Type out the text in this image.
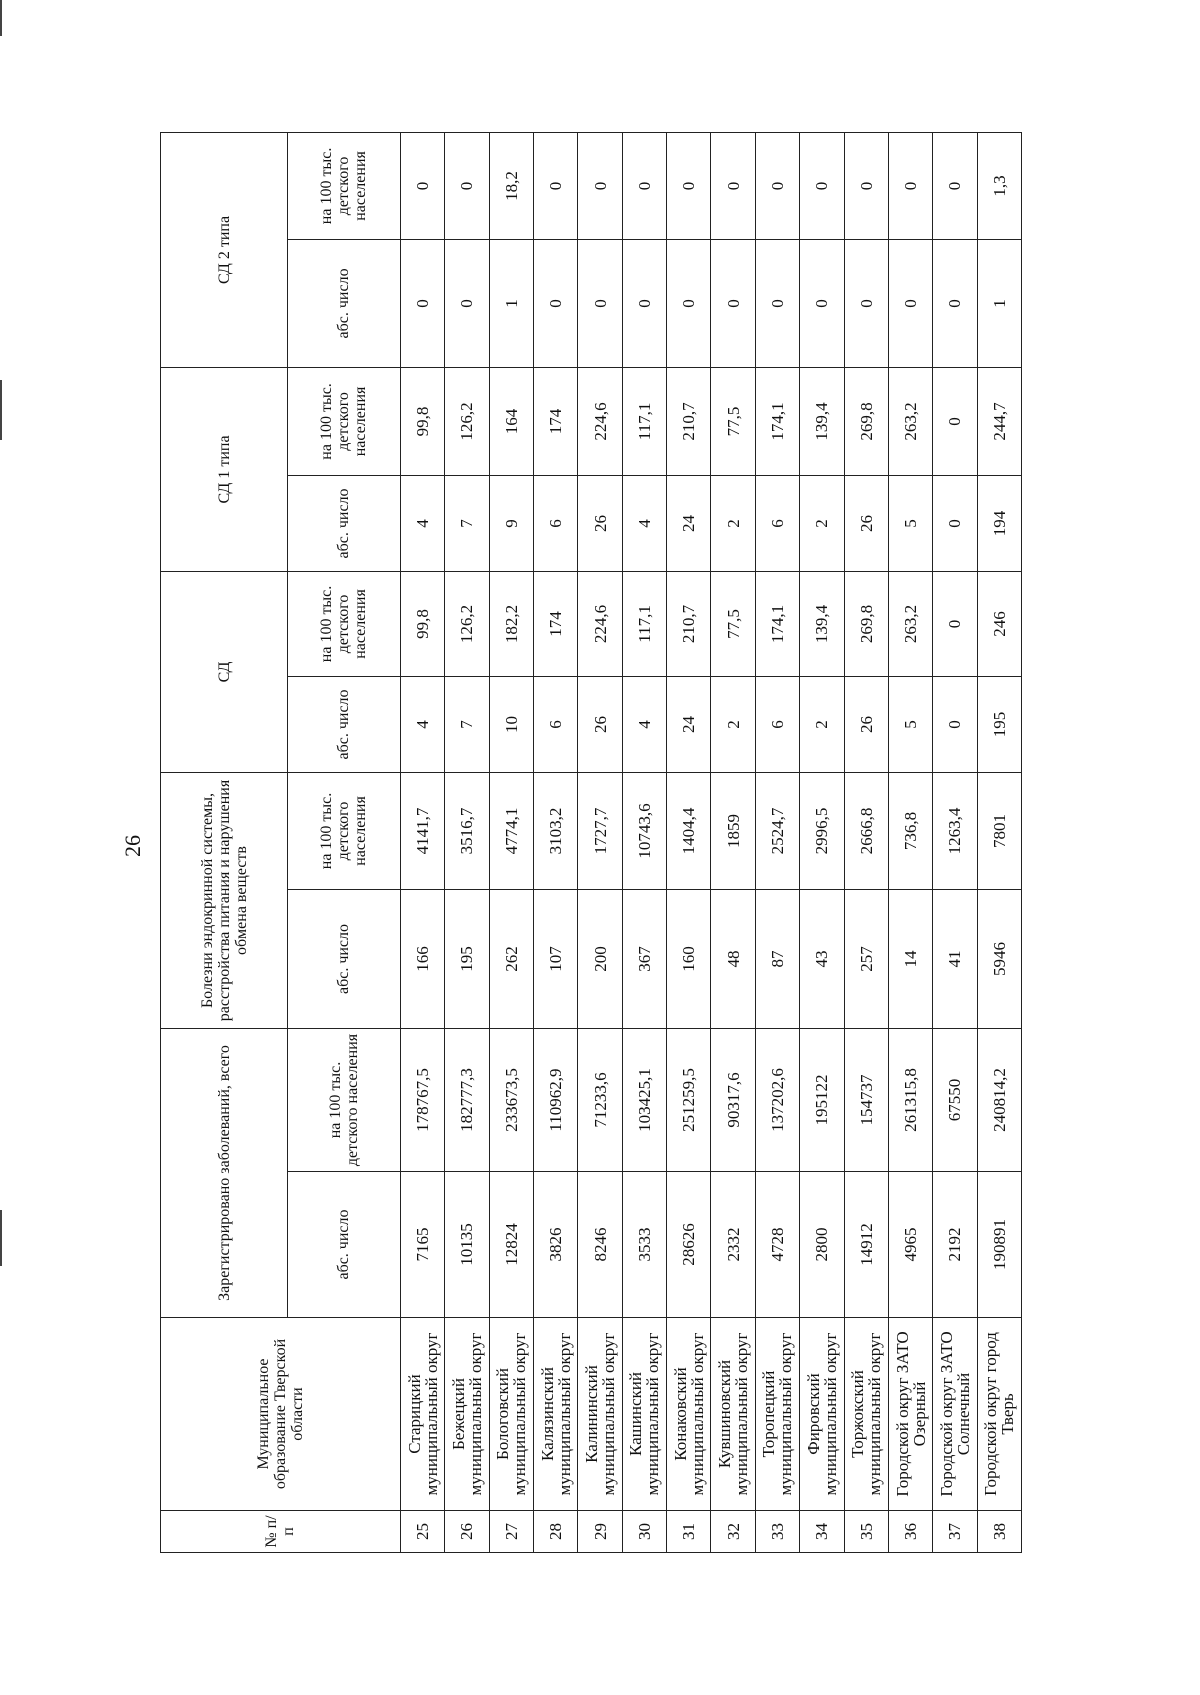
26
№ п/п	Муниципальное образование Тверской области	Зарегистрировано заболеваний, всего		Болезни эндокринной системы, расстройства питания и нарушения обмена веществ		СД		СД 1 типа		СД 2 типа	
		абс. число	на 100 тыс. детского населения	абс. число	на 100 тыс. детского населения	абс. число	на 100 тыс. детского населения	абс. число	на 100 тыс. детского населения	абс. число	на 100 тыс. детского населения
25	Старицкий муниципальный округ	7165	178767,5	166	4141,7	4	99,8	4	99,8	0	0
26	Бежецкий муниципальный округ	10135	182777,3	195	3516,7	7	126,2	7	126,2	0	0
27	Бологовский муниципальный округ	12824	233673,5	262	4774,1	10	182,2	9	164	1	18,2
28	Калязинский муниципальный округ	3826	110962,9	107	3103,2	6	174	6	174	0	0
29	Калининский муниципальный округ	8246	71233,6	200	1727,7	26	224,6	26	224,6	0	0
30	Кашинский муниципальный округ	3533	103425,1	367	10743,6	4	117,1	4	117,1	0	0
31	Конаковский муниципальный округ	28626	251259,5	160	1404,4	24	210,7	24	210,7	0	0
32	Кувшиновский муниципальный округ	2332	90317,6	48	1859	2	77,5	2	77,5	0	0
33	Торопецкий муниципальный округ	4728	137202,6	87	2524,7	6	174,1	6	174,1	0	0
34	Фировский муниципальный округ	2800	195122	43	2996,5	2	139,4	2	139,4	0	0
35	Торжокский муниципальный округ	14912	154737	257	2666,8	26	269,8	26	269,8	0	0
36	Городской округ ЗАТО Озерный	4965	261315,8	14	736,8	5	263,2	5	263,2	0	0
37	Городской округ ЗАТО Солнечный	2192	67550	41	1263,4	0	0	0	0	0	0
38	Городской округ город Тверь	190891	240814,2	5946	7801	195	246	194	244,7	1	1,3
